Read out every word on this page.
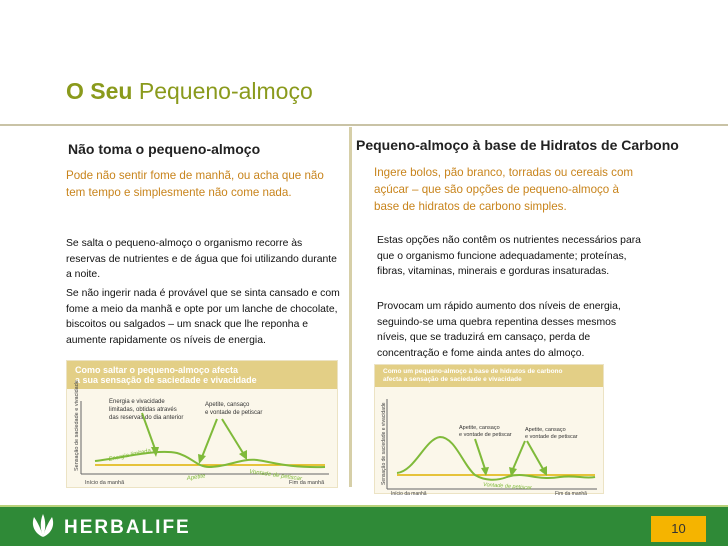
O Seu Pequeno-almoço
Não toma o pequeno-almoço
Pode não sentir fome de manhã, ou acha que não tem tempo e simplesmente não come nada.
Se salta o pequeno-almoço o organismo recorre às reservas de nutrientes e de água que foi utilizando durante a noite.
Se não ingerir nada é provável que se sinta cansado e com fome a meio da manhã e opte por um lanche de chocolate, biscoitos ou salgados – um snack que lhe reponha e aumente rapidamente os níveis de energia.
Como saltar o pequeno-almoço afecta
a sua sensação de saciedade e vivacidade
Sensação de saciedade e vivacidade	Energia e vivacidade
limitadas, obtidas através
das reservas do dia anterior
Apetite, cansaço
e vontade de petiscar
Energia limitada
Apetite	Vontade de petiscar
Início da manhã	Fim da manhã
Pequeno-almoço à base de Hidratos de Carbono
Ingere bolos, pão branco, torradas ou cereais com açúcar – que são opções de pequeno-almoço à base de hidratos de carbono simples.
Estas opções não contêm os nutrientes necessários para que o organismo funcione adequadamente; proteínas, fibras, vitaminas, minerais e gorduras insaturadas.
Provocam um rápido aumento dos níveis de energia, seguindo-se uma quebra repentina desses mesmos níveis, que se traduzirá em cansaço, perda de concentração e fome ainda antes do almoço.
Como um pequeno-almoço à base de hidratos de carbono
afecta a sensação de saciedade e vivacidade
Sensação de saciedade e vivacidade	Apetite, cansaço
e vontade de petiscar
Apetite, cansaço
e vontade de petiscar
Vontade de petiscar
Início da manhã	Fim da manhã
HERBALIFE	10
